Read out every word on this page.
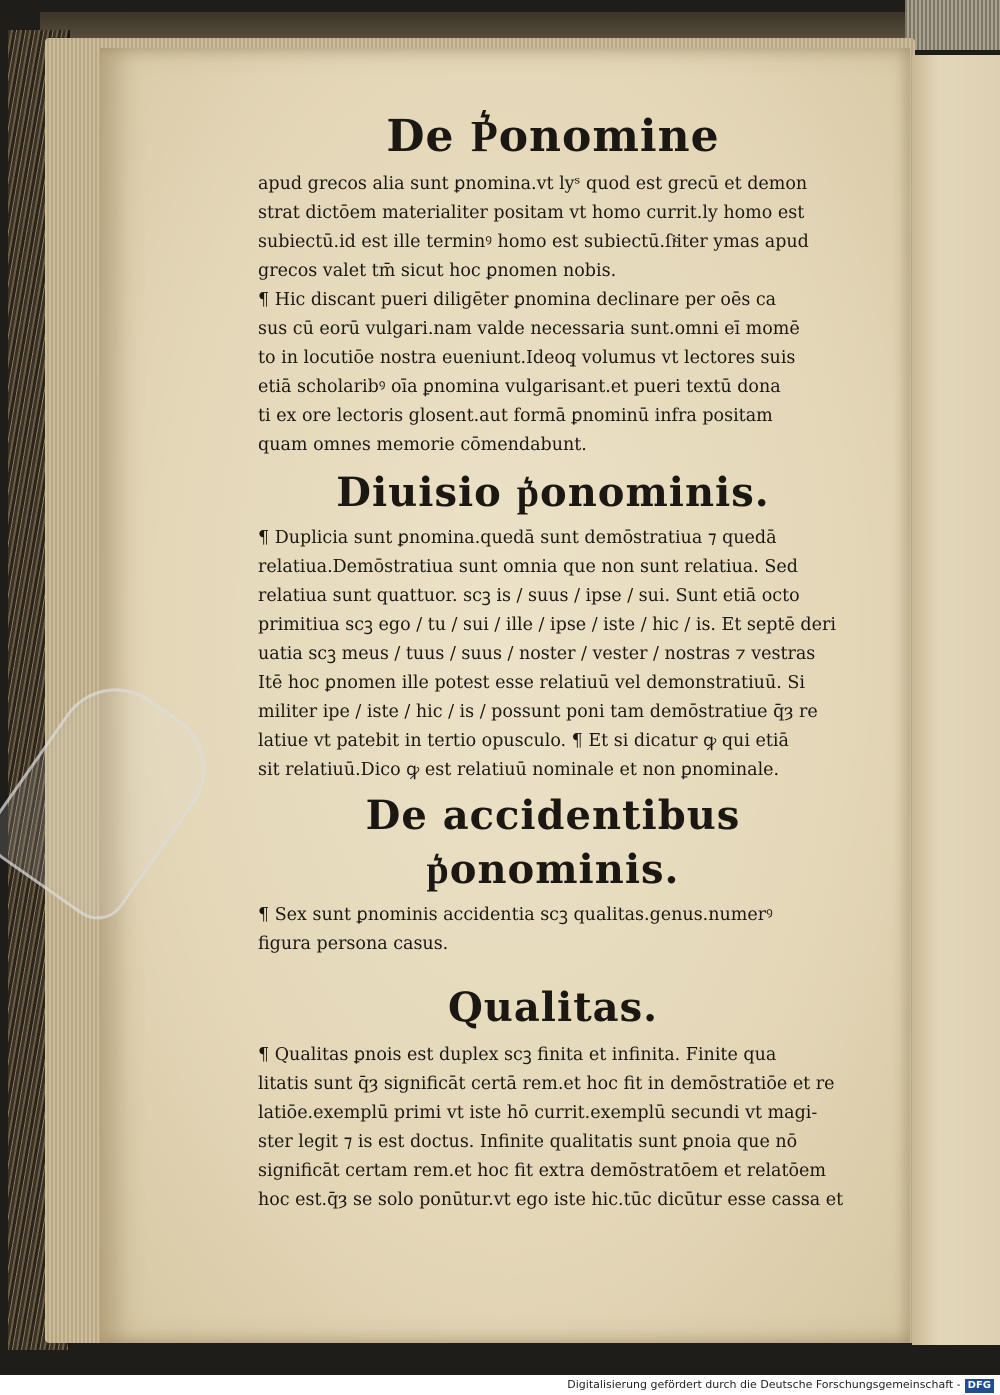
De P͛onomine
apud grecos alia sunt ꝑnomina.vt lyˢ quod est grecū et demon
strat dictōem materialiter positam vt homo currit.ly homo est
subiectū.id est ille terminꝰ homo est subiectū.ſiͨiter ymas apud
grecos valet tm̄ sicut hoc ꝑnomen nobis.
¶ Hic discant pueri diligēter ꝑnomina declinare per oēs ca
sus cū eorū vulgari.nam valde necessaria sunt.omni eī momē
to in locutiōe nostra eueniunt.Ideoq̧ volumus vt lectores suis
etiā scholaribꝰ oīa ꝑnomina vulgarisant.et pueri textū dona
ti ex ore lectoris glosent.aut formā ꝑnominū infra positam
quam omnes memorie cōmendabunt.
Diuisio p͛onominis.
¶ Duplicia sunt ꝑnomina.quedā sunt demōstratiua ⁊ quedā
relatiua.Demōstratiua sunt omnia que non sunt relatiua. Sed
relatiua sunt quattuor. scꝫ is / suus / ipse / sui. Sunt etiā octo
primitiua scꝫ ego / tu / sui / ille / ipse / iste / hic / is. Et septē deri
uatia scꝫ meus / tuus / suus / noster / vester / nostras ⁊ vestras
Itē hoc ꝑnomen ille potest esse relatiuū vel demonstratiuū. Si
militer ipe / iste / hic / is / possunt poni tam demōstratiue q̄ȝ re
latiue vt patebit in tertio opusculo. ¶ Et si dicatur ꝙ qui etiā
sit relatiuū.Dico ꝙ est relatiuū nominale et non ꝑnominale.
De accidentibus p͛onominis.
¶ Sex sunt ꝑnominis accidentia scꝫ qualitas.genus.numerꝰ
figura persona casus.
Qualitas.
¶ Qualitas ꝑnois est duplex scꝫ finita et infinita. Finite qua
litatis sunt q̄ȝ significāt certā rem.et hoc fit in demōstratiōe et re
latiōe.exemplū primi vt iste hō currit.exemplū secundi vt magi-
ster legit ⁊ is est doctus. Infinite qualitatis sunt ꝑnoia que nō
significāt certam rem.et hoc fit extra demōstratōem et relatōem
hoc est.q̄ȝ se solo ponūtur.vt ego iste hic.tūc dicūtur esse cassa et
Digitalisierung gefördert durch die Deutsche Forschungsgemeinschaft - DFG
